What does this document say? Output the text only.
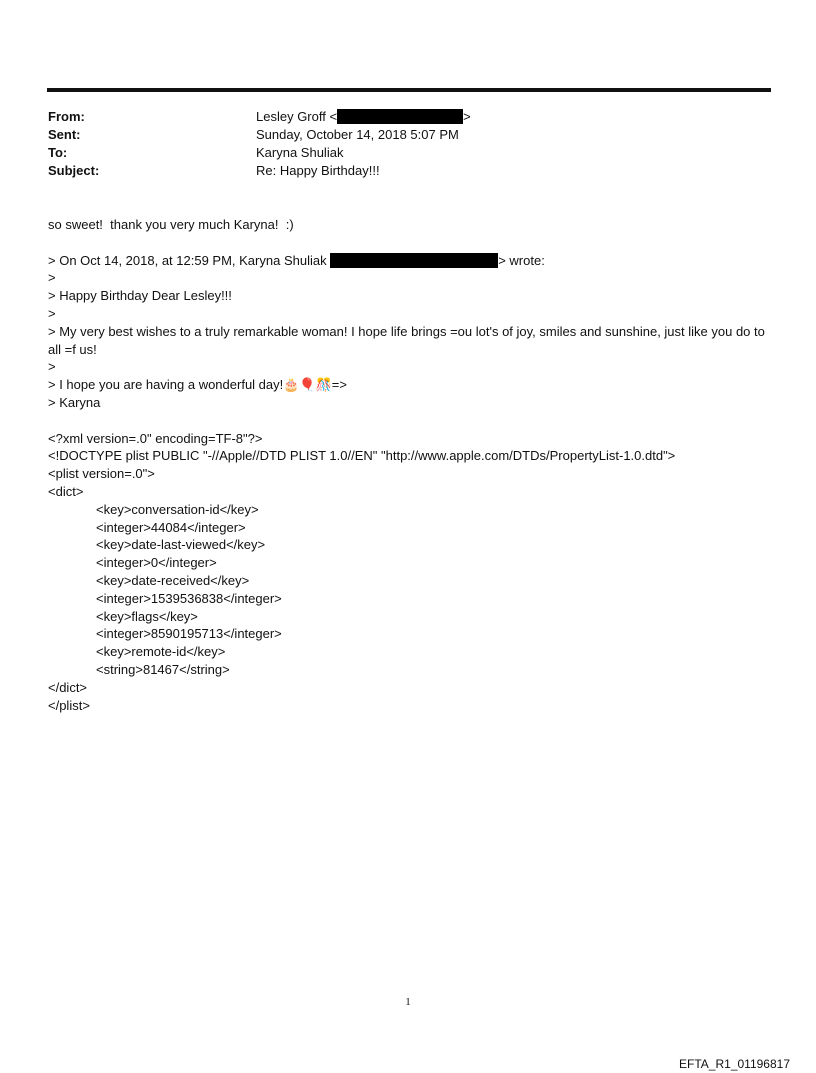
From:	Lesley Groff <	>
Sent:	Sunday, October 14, 2018 5:07 PM
To:	Karyna Shuliak
Subject:	Re: Happy Birthday!!!
so sweet!  thank you very much Karyna!  :)
> On Oct 14, 2018, at 12:59 PM, Karyna Shuliak	> wrote:
>
> Happy Birthday Dear Lesley!!!
>
> My very best wishes to a truly remarkable woman! I hope life brings =ou lot's of joy, smiles and sunshine, just like you do to all =f us!
>
> I hope you are having a wonderful day!🎂🎈🎊=>
> Karyna
<?xml version=.0" encoding=TF-8"?>
<!DOCTYPE plist PUBLIC "-//Apple//DTD PLIST 1.0//EN" "http://www.apple.com/DTDs/PropertyList-1.0.dtd">
<plist version=.0">
<dict>
<key>conversation-id</key>
<integer>44084</integer>
<key>date-last-viewed</key>
<integer>0</integer>
<key>date-received</key>
<integer>1539536838</integer>
<key>flags</key>
<integer>8590195713</integer>
<key>remote-id</key>
<string>81467</string>
</dict>
</plist>
1
EFTA_R1_01196817
